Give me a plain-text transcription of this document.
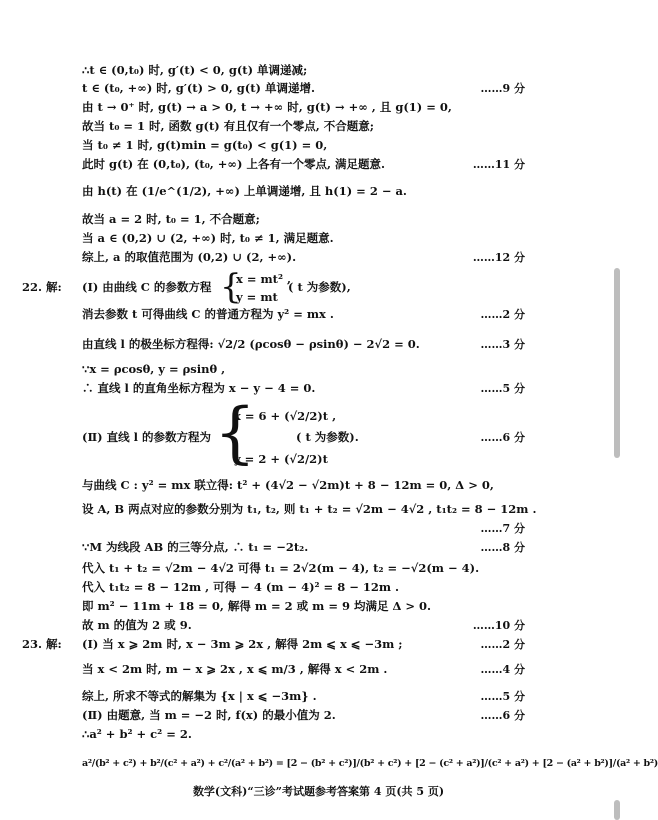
∴t ∈ (0,t₀) 时, g′(t) < 0, g(t) 单调递减;
t ∈ (t₀, +∞) 时, g′(t) > 0, g(t) 单调递增.
由 t → 0⁺ 时, g(t) → a > 0, t → +∞ 时, g(t) → +∞ , 且 g(1) = 0,
故当 t₀ = 1 时, 函数 g(t) 有且仅有一个零点, 不合题意;
当 t₀ ≠ 1 时, g(t)min = g(t₀) < g(1) = 0,
此时 g(t) 在 (0,t₀), (t₀, +∞) 上各有一个零点, 满足题意.
由 h(t) 在 (1/e^(1/2), +∞) 上单调递增, 且 h(1) = 2 − a.
故当 a = 2 时, t₀ = 1, 不合题意;
当 a ∈ (0,2) ∪ (2, +∞) 时, t₀ ≠ 1, 满足题意.
综上, a 的取值范围为 (0,2) ∪ (2, +∞).
消去参数 t 可得曲线 C 的普通方程为 y² = mx .
由直线 l 的极坐标方程得: √2/2 (ρcosθ − ρsinθ) − 2√2 = 0.
∵x = ρcosθ, y = ρsinθ ,
∴ 直线 l 的直角坐标方程为 x − y − 4 = 0.
与曲线 C : y² = mx 联立得: t² + (4√2 − √2m)t + 8 − 12m = 0, Δ > 0,
设 A, B 两点对应的参数分别为 t₁, t₂, 则 t₁ + t₂ = √2m − 4√2 , t₁t₂ = 8 − 12m .
∵M 为线段 AB 的三等分点, ∴ t₁ = −2t₂.
代入 t₁ + t₂ = √2m − 4√2 可得 t₁ = 2√2(m − 4), t₂ = −√2(m − 4).
代入 t₁t₂ = 8 − 12m , 可得 − 4 (m − 4)² = 8 − 12m .
即 m² − 11m + 18 = 0, 解得 m = 2 或 m = 9 均满足 Δ > 0.
故 m 的值为 2 或 9.
当 x < 2m 时, m − x ⩾ 2x , x ⩽ m/3 , 解得 x < 2m .
综上, 所求不等式的解集为 {x | x ⩽ −3m} .
(Ⅱ) 由题意, 当 m = −2 时, f(x) 的最小值为 2.
∴a² + b² + c² = 2.
22. 解: (Ⅰ) 由曲线 C 的参数方程 {
x = mt² ,
y = mt
( t 为参数),
(Ⅱ) 直线 l 的参数方程为 {
x = 6 + (√2/2)t ,
y = 2 + (√2/2)t
( t 为参数).
23. 解: (Ⅰ) 当 x ⩾ 2m 时, x − 3m ⩾ 2x , 解得 2m ⩽ x ⩽ −3m ;
a²/(b² + c²) + b²/(c² + a²) + c²/(a² + b²) = [2 − (b² + c²)]/(b² + c²) + [2 − (c² + a²)]/(c² + a²) + [2 − (a² + b²)]/(a² + b²)
……9 分
……11 分
……12 分
……2 分
……3 分
……5 分
……6 分
……7 分
……8 分
……10 分
……2 分
……4 分
……5 分
……6 分
数学(文科)“三诊”考试题参考答案第 4 页(共 5 页)
